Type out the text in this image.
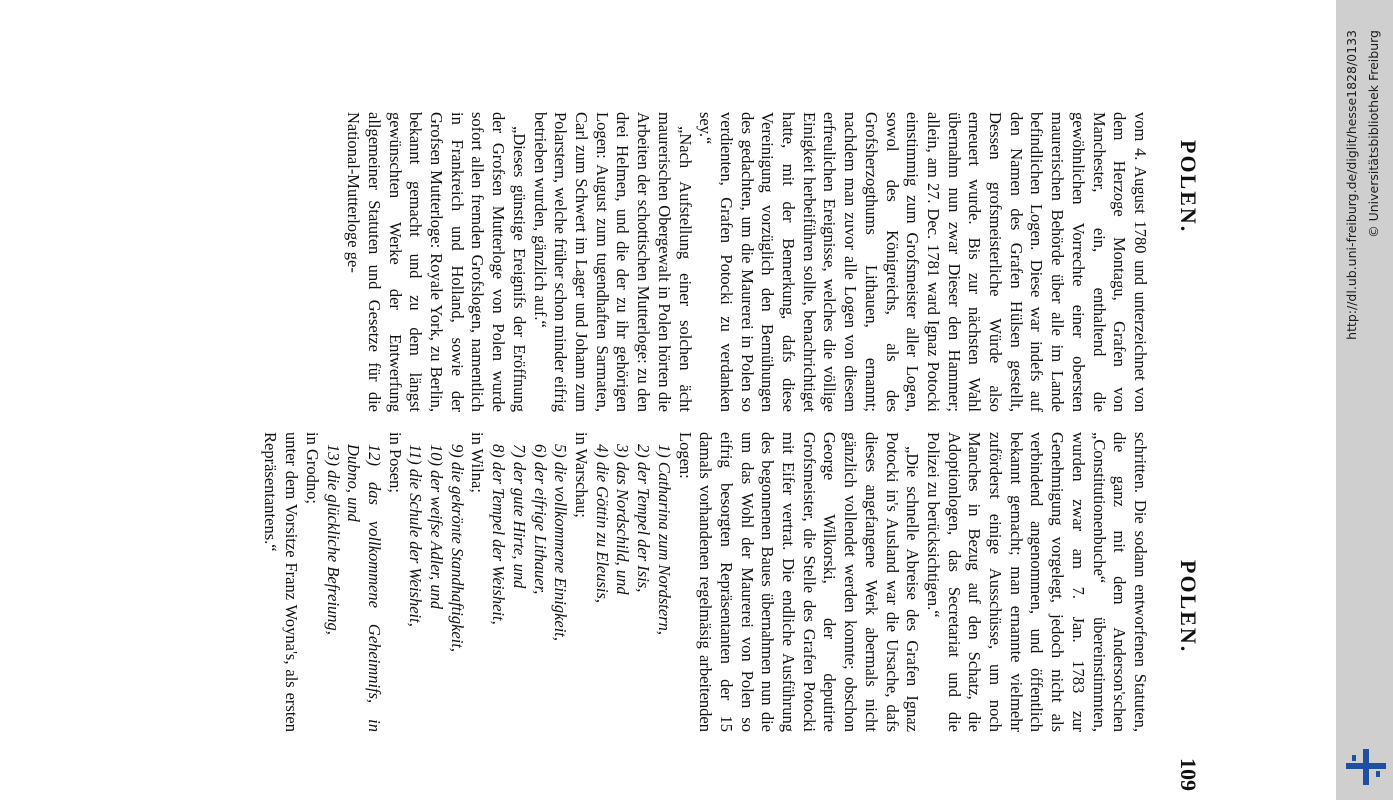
POLEN.
POLEN.
109

vom 4. August 1780 und unterzeichnet von dem Herzoge Montagu, Grafen von Manchester, ein, enthaltend die gewöhnlichen Vorrechte einer obersten maurerischen Behörde über alle im Lande befindlichen Logen. Diese war indefs auf den Namen des Grafen Hülsen gestellt, Dessen grofsmeisterliche Würde also erneuert wurde. Bis zur nächsten Wahl übernahm nun zwar Dieser den Hammer; allein, am 27. Dec. 1781 ward Ignaz Potocki einstimmig zum Grofsmeister aller Logen, sowol des Königreichs, als des Grofsherzogthums Lithauen, ernannt; nachdem man zuvor alle Logen von diesem erfreulichen Ereignisse, welches die völlige Einigkeit herbeiführen sollte, benachrichtiget hatte, mit der Bemerkung, dafs diese Vereinigung vorzüglich den Bemühungen des gedachten, um die Maurerei in Polen so verdienten, Grafen Potocki zu verdanken sey.“

„Nach Aufstellung einer solchen ächt maurerischen Obergewalt in Polen hörten die Arbeiten der schottischen Mutterloge: zu den drei Helmen, und die der zu ihr gehörigen Logen: August zum tugendhaften Sarmaten, Carl zum Schwert im Lager und Johann zum Polarstern, welche früher schon minder eifrig betrieben wurden, gänzlich auf.“

„Dieses günstige Ereignifs der Eröffnung der Grofsen Mutterloge von Polen wurde sofort allen fremden Grofslogen, namentlich in Frankreich und Holland, sowie der Grofsen Mutterloge: Royale York, zu Berlin, bekannt gemacht und zu dem längst gewünschten Werke der Entwerfung allgemeiner Statuten und Gesetze für die National-Mutterloge ge-

schritten. Die sodann entworfenen Statuten, die ganz mit dem Anderson'schen „Constitutionenbuche“ übereinstimmten, wurden zwar am 7. Jan. 1783 zur Genehmigung vorgelegt, jedoch nicht als verbindend angenommen, und öffentlich bekannt gemacht; man ernannte vielmehr zuförderst einige Ausschüsse, um noch Manches in Bezug auf den Schatz, die Adoptionlogen, das Secretariat und die Polizei zu berücksichtigen.“

„Die schnelle Abreise des Grafen Ignaz Potocki in's Ausland war die Ursache, dafs dieses angefangene Werk abermals nicht gänzlich vollendet werden konnte; obschon George Wilkorski, der deputirte Grofsmeister, die Stelle des Grafen Potocki mit Eifer vertrat. Die endliche Ausführung des begonnenen Baues übernahmen nun die um das Wohl der Maurerei von Polen so eifrig besorgten Repräsentanten der 15 damals vorhandenen regelmäsig arbeitenden Logen:

1) Catharina zum Nordstern,
2) der Tempel der Isis,
3) das Nordschild, und
4) die Göttin zu Eleusis,

in Warschau;

5) die vollkommene Einigkeit,
6) der eifrige Lithauer,
7) der gute Hirte, und
8) der Tempel der Weisheit,

in Wilna;

9) die gekrönte Standhaftigkeit,
10) der weifse Adler, und
11) die Schule der Weisheit,

in Posen;

12) das vollkommene Geheimnifs, in Dubno, und
13) die glückliche Befreiung,

in Grodno;

unter dem Vorsitze Franz Woyna's, als ersten Repräsentantens.“

http://dl.ub.uni-freiburg.de/diglit/hesse1828/0133 © Universitätsbibliothek Freiburg
